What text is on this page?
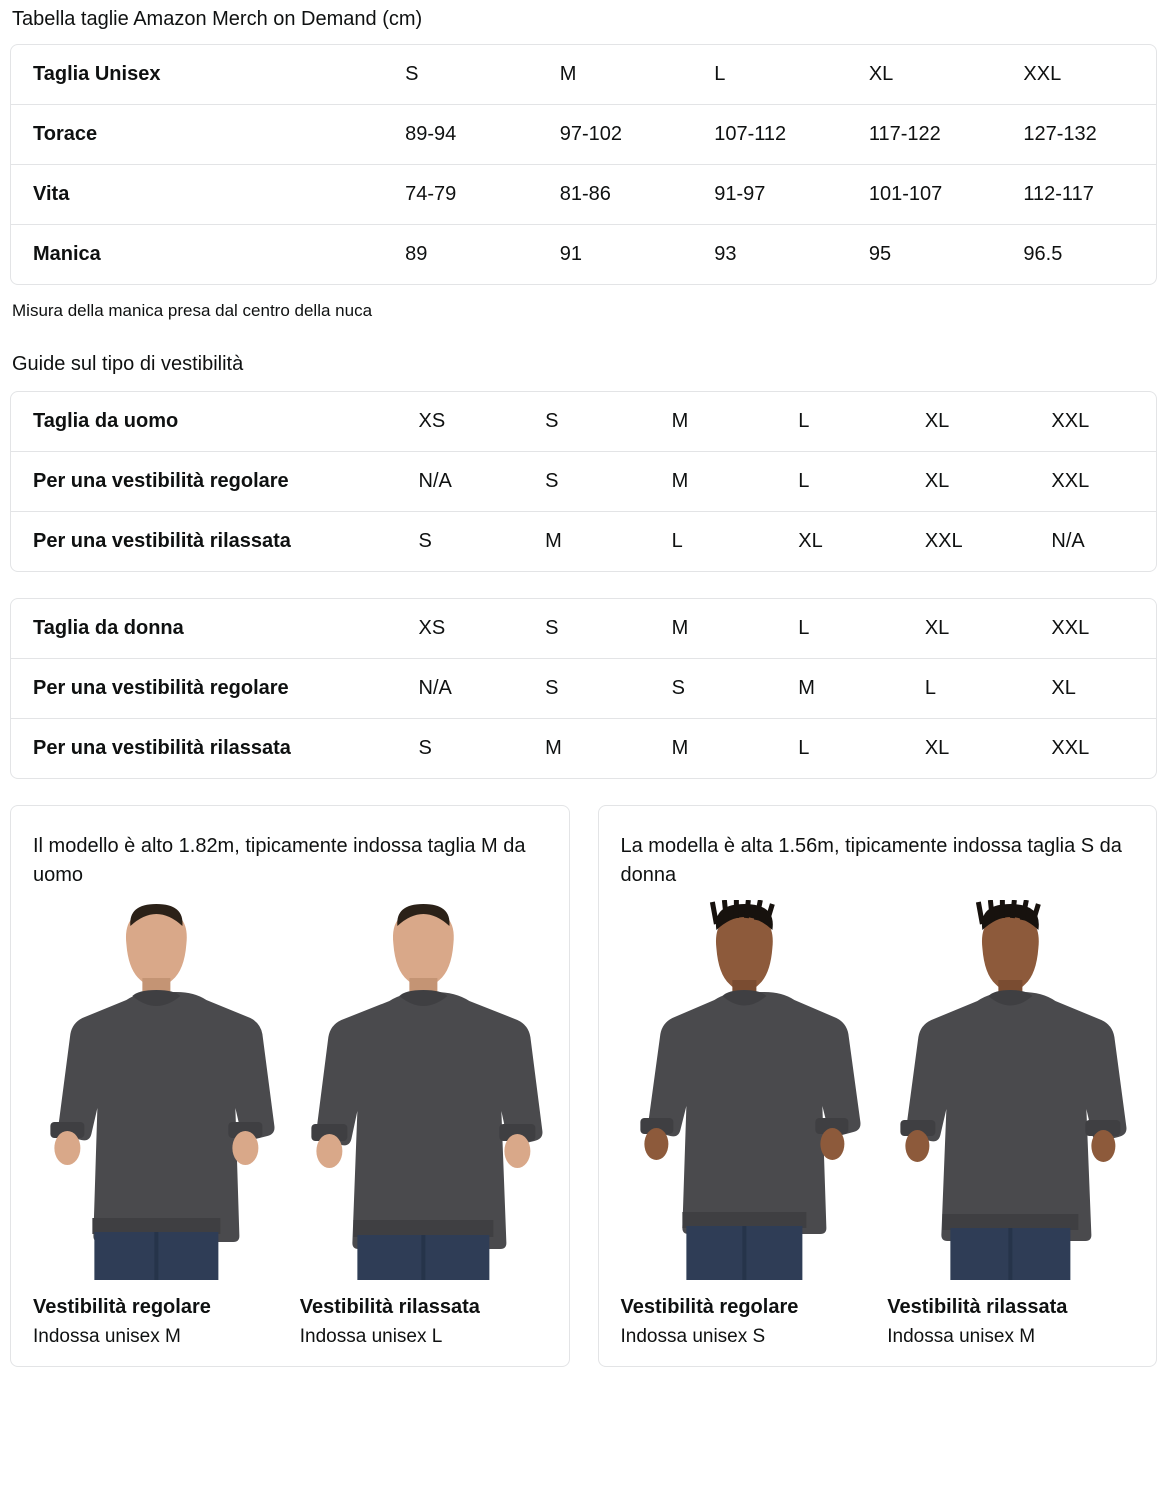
Tabella taglie Amazon Merch on Demand (cm)
Taglia Unisex	S	M	L	XL	XXL
Torace	89-94	97-102	107-112	117-122	127-132
Vita	74-79	81-86	91-97	101-107	112-117
Manica	89	91	93	95	96.5
Misura della manica presa dal centro della nuca
Guide sul tipo di vestibilità
Taglia da uomo	XS	S	M	L	XL	XXL
Per una vestibilità regolare	N/A	S	M	L	XL	XXL
Per una vestibilità rilassata	S	M	L	XL	XXL	N/A
Taglia da donna	XS	S	M	L	XL	XXL
Per una vestibilità regolare	N/A	S	S	M	L	XL
Per una vestibilità rilassata	S	M	M	L	XL	XXL
Il modello è alto 1.82m, tipicamente indossa taglia M da uomo
Vestibilità regolare
Indossa unisex M
Vestibilità rilassata
Indossa unisex L
La modella è alta 1.56m, tipicamente indossa taglia S da donna
Vestibilità regolare
Indossa unisex S
Vestibilità rilassata
Indossa unisex M
